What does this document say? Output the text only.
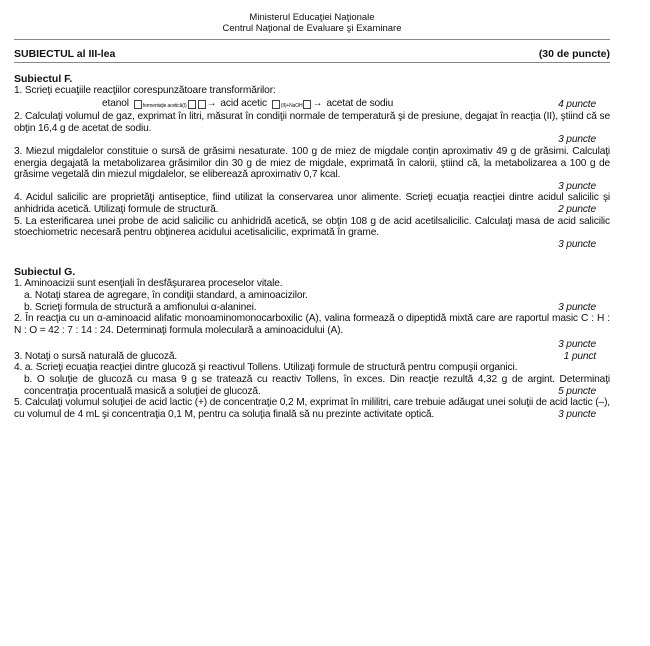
Ministerul Educaţiei Naţionale
Centrul Naţional de Evaluare şi Examinare
SUBIECTUL al III-lea	(30 de puncte)
Subiectul F.
1. Scrieţi ecuaţiile reacţiilor corespunzătoare transformărilor:
etanol	fermentaţie acetică (I) → acid acetic	(II) +NaOH → acetat de sodiu	4 puncte
2. Calculaţi volumul de gaz, exprimat în litri, măsurat în condiţii normale de temperatură şi de presiune, degajat în reacţia (II), ştiind că se obţin 16,4 g de acetat de sodiu.
3 puncte
3. Miezul migdalelor constituie o sursă de grăsimi nesaturate. 100 g de miez de migdale conţin aproximativ 49 g de grăsimi. Calculaţi energia degajată la metabolizarea grăsimilor din 30 g de miez de migdale, exprimată în calorii, ştiind că, la metabolizarea a 100 g de grăsime vegetală din miezul migdalelor, se eliberează aproximativ 0,7 kcal.
3 puncte
4. Acidul salicilic are proprietăţi antiseptice, fiind utilizat la conservarea unor alimente. Scrieţi ecuaţia reacţiei dintre acidul salicilic şi anhidrida acetică. Utilizaţi formule de structură.	2 puncte
5. La esterificarea unei probe de acid salicilic cu anhidridă acetică, se obţin 108 g de acid acetilsalicilic. Calculaţi masa de acid salicilic stoechiometric necesară pentru obţinerea acidului acetisalicilic, exprimată în grame.
3 puncte
Subiectul G.
1. Aminoacizii sunt esenţiali în desfăşurarea proceselor vitale.
a. Notaţi starea de agregare, în condiţii standard, a aminoacizilor.
b. Scrieţi formula de structură a amfionului α-alaninei.	3 puncte
2. În reacţia cu un α-aminoacid alifatic monoaminomonocarboxilic (A), valina formează o dipeptidă mixtă care are raportul masic C : H : N : O = 42 : 7 : 14 : 24. Determinaţi formula moleculară a aminoacidului (A).
3 puncte
3. Notaţi o sursă naturală de glucoză.	1 punct
4. a. Scrieţi ecuaţia reacţiei dintre glucoză şi reactivul Tollens. Utilizaţi formule de structură pentru compuşii organici.
b. O soluţie de glucoză cu masa 9 g se tratează cu reactiv Tollens, în exces. Din reacţie rezultă 4,32 g de argint. Determinaţi concentraţia procentuală masică a soluţiei de glucoză.	5 puncte
5. Calculaţi volumul soluţiei de acid lactic (+) de concentraţie 0,2 M, exprimat în mililitri, care trebuie adăugat unei soluţii de acid lactic (–), cu volumul de 4 mL şi concentraţia 0,1 M, pentru ca soluţia finală să nu prezinte activitate optică.	3 puncte
